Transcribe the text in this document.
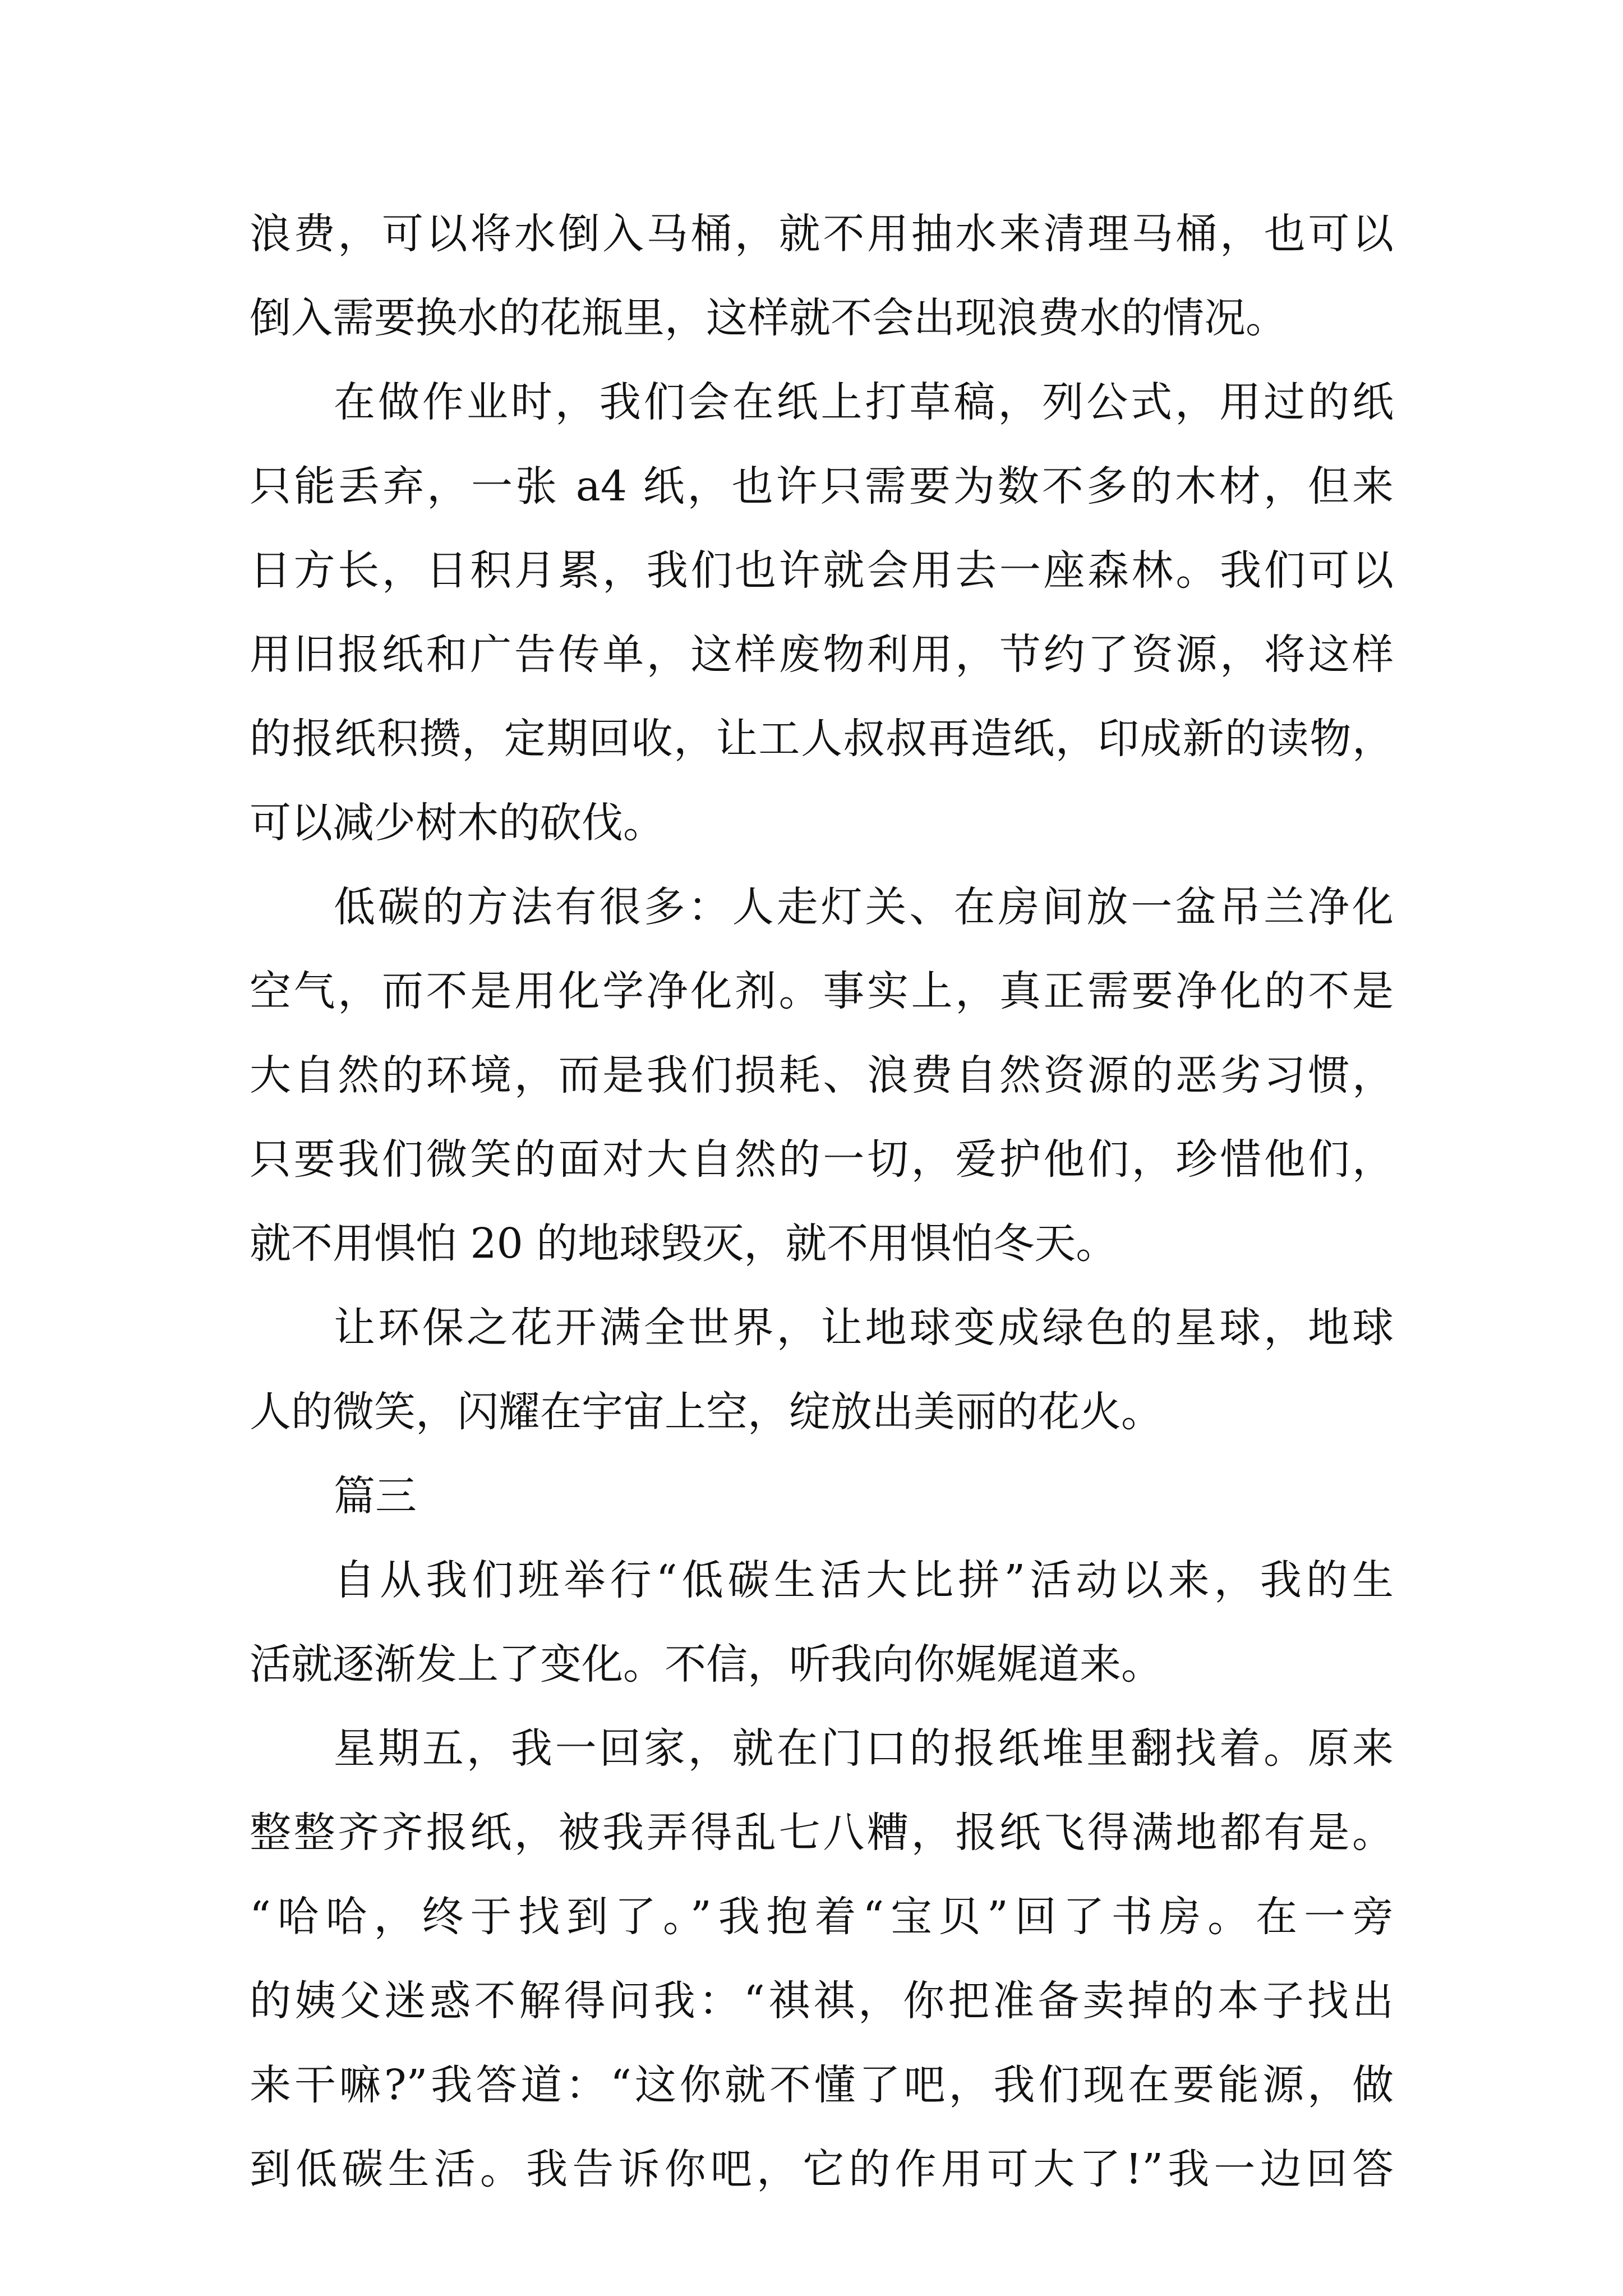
浪费，可以将水倒入马桶，就不用抽水来清理马桶，也可以
倒入需要换水的花瓶里，这样就不会出现浪费水的情况。
在做作业时，我们会在纸上打草稿，列公式，用过的纸
只能丢弃，一张 a4 纸，也许只需要为数不多的木材，但来
日方长，日积月累，我们也许就会用去一座森林。我们可以
用旧报纸和广告传单，这样废物利用，节约了资源，将这样
的报纸积攒，定期回收，让工人叔叔再造纸，印成新的读物，
可以减少树木的砍伐。
低碳的方法有很多：人走灯关、在房间放一盆吊兰净化
空气，而不是用化学净化剂。事实上，真正需要净化的不是
大自然的环境，而是我们损耗、浪费自然资源的恶劣习惯，
只要我们微笑的面对大自然的一切，爱护他们，珍惜他们，
就不用惧怕 20 的地球毁灭，就不用惧怕冬天。
让环保之花开满全世界，让地球变成绿色的星球，地球
人的微笑，闪耀在宇宙上空，绽放出美丽的花火。
篇三
自从我们班举行“低碳生活大比拼”活动以来，我的生
活就逐渐发上了变化。不信，听我向你娓娓道来。
星期五，我一回家，就在门口的报纸堆里翻找着。原来
整整齐齐报纸，被我弄得乱七八糟，报纸飞得满地都有是。
“哈哈，终于找到了。”我抱着“宝贝”回了书房。在一旁
的姨父迷惑不解得问我：“祺祺，你把准备卖掉的本子找出
来干嘛?”我答道：“这你就不懂了吧，我们现在要能源，做
到低碳生活。我告诉你吧，它的作用可大了!”我一边回答
